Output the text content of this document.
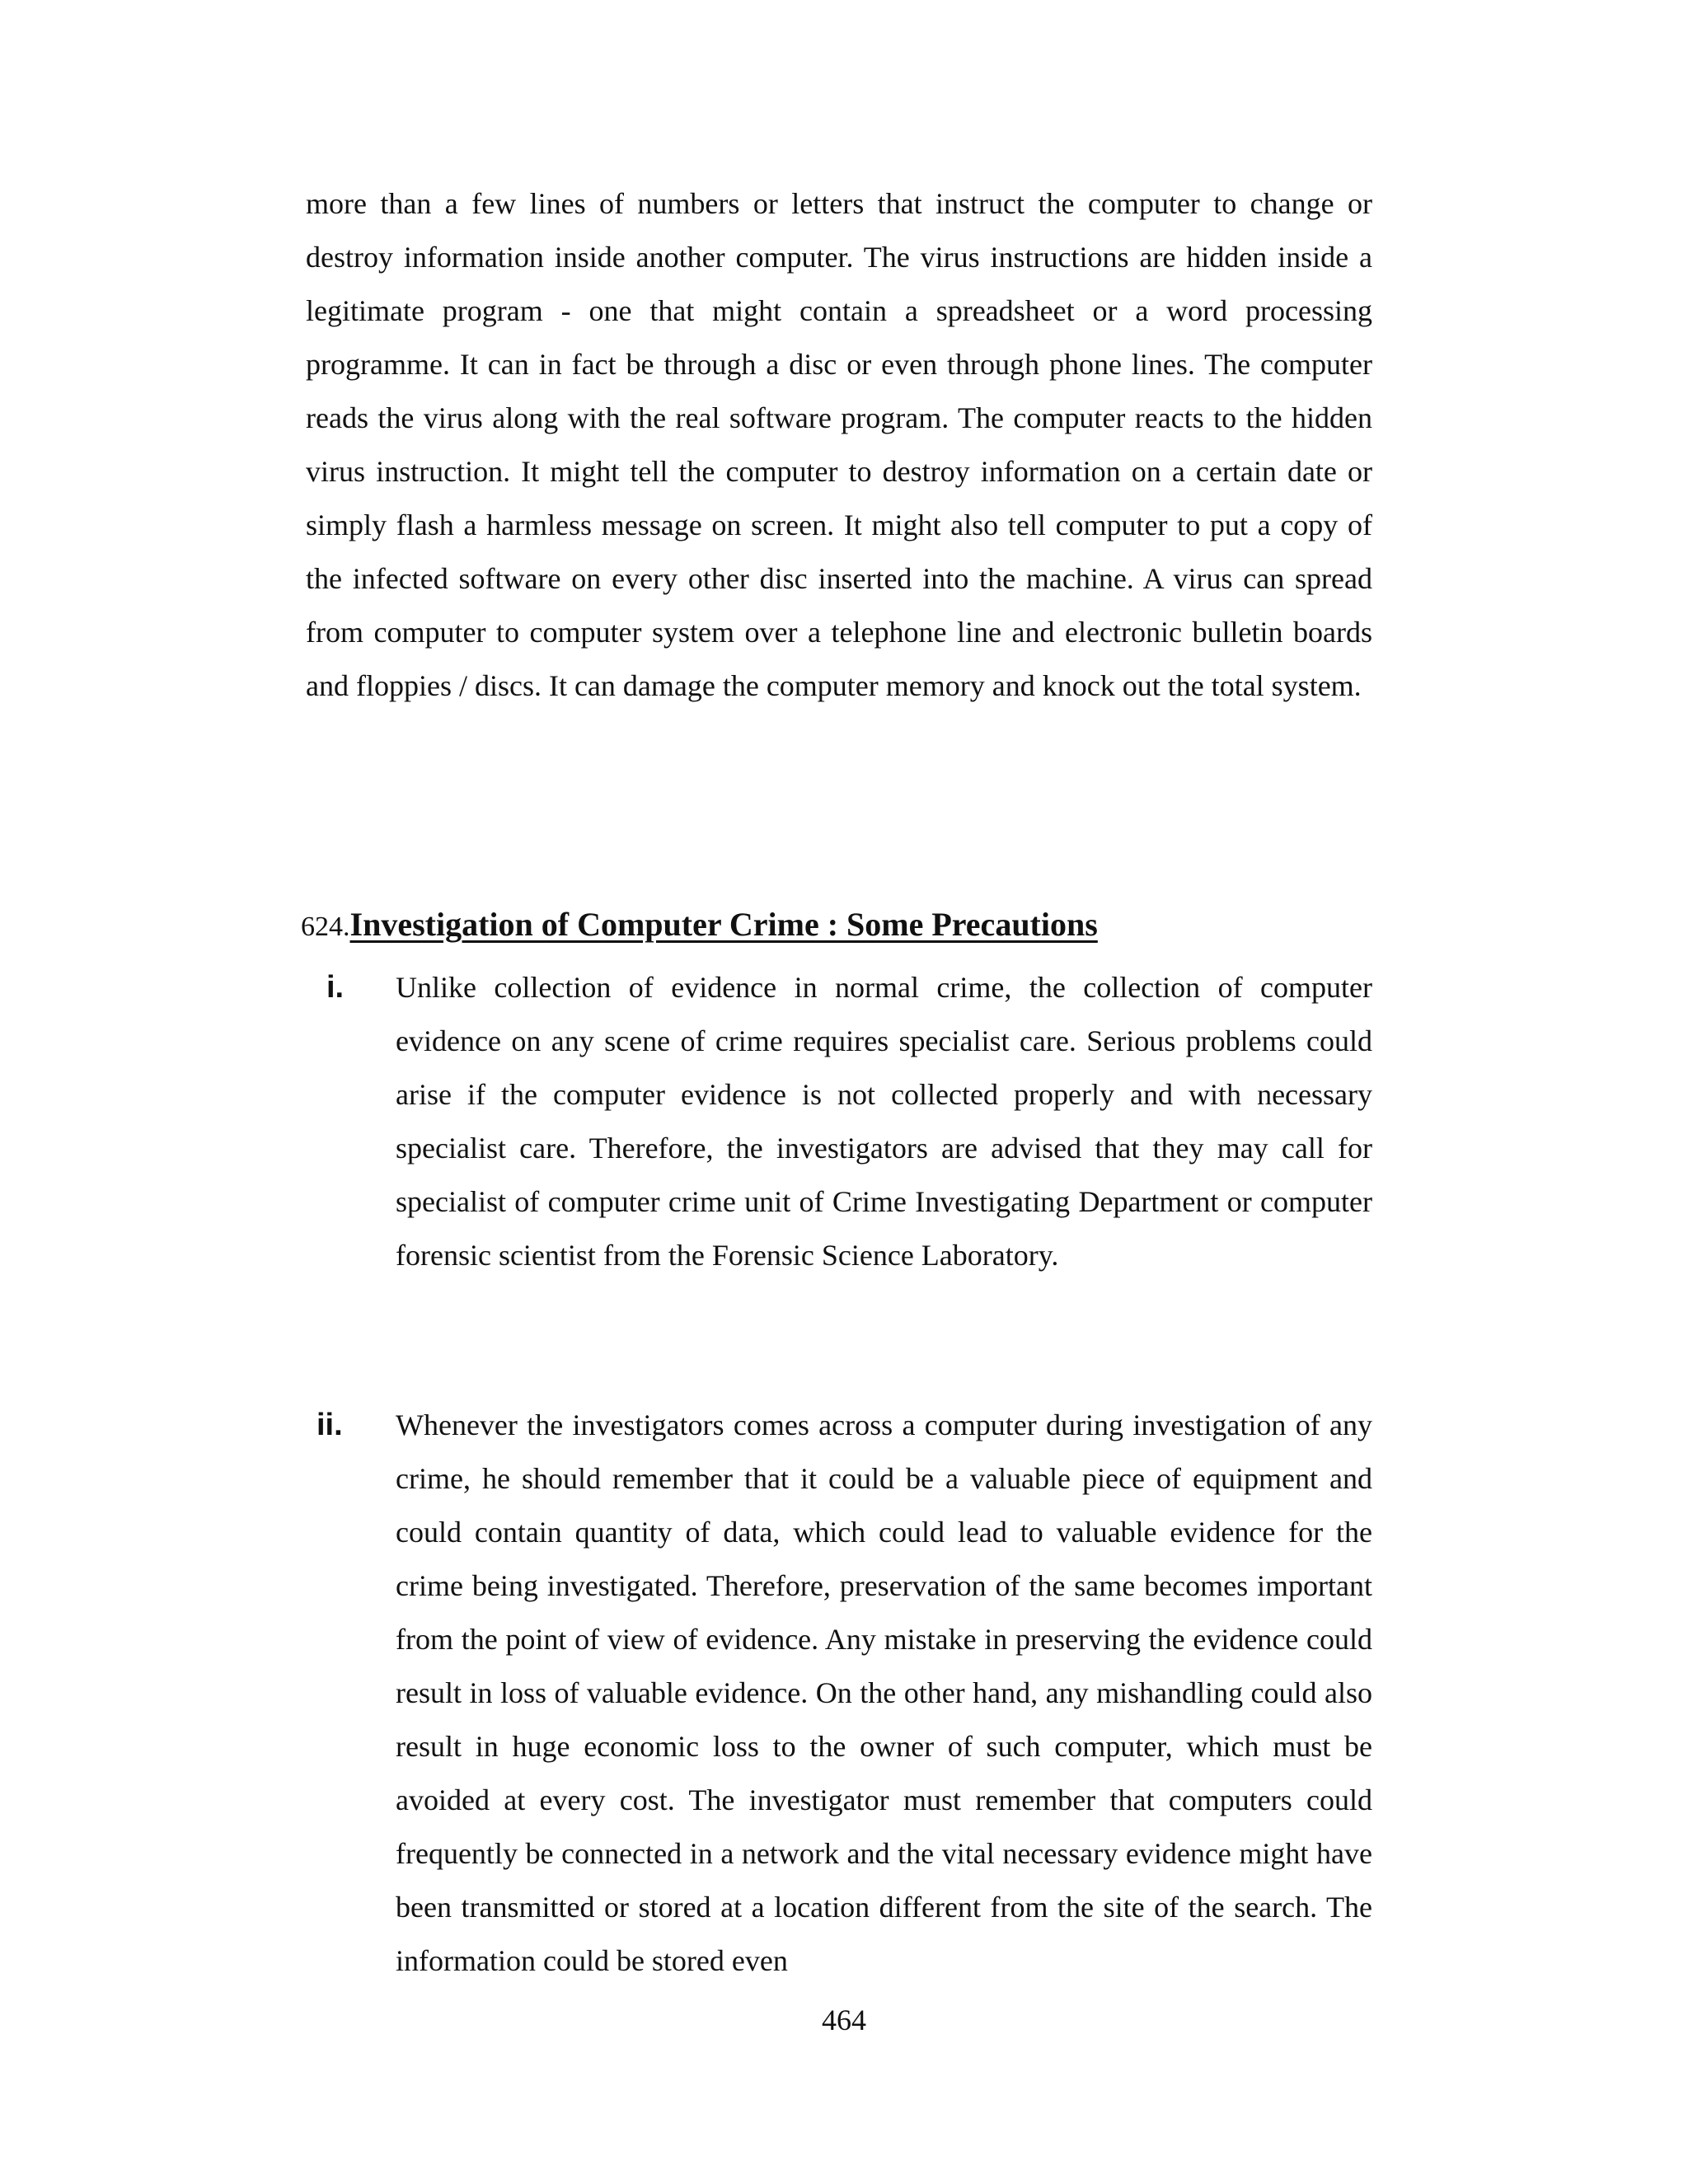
more than a few lines of numbers or letters that instruct the computer to change or destroy information inside another computer. The virus instructions are hidden inside a legitimate program - one that might contain a spreadsheet or a word processing programme. It can in fact be through a disc or even through phone lines. The computer reads the virus along with the real software program. The computer reacts to the hidden virus instruction. It might tell the computer to destroy information on a certain date or simply flash a harmless message on screen. It might also tell computer to put a copy of the infected software on every other disc inserted into the machine. A virus can spread from computer to computer system over a telephone line and electronic bulletin boards and floppies / discs. It can damage the computer memory and knock out the total system.

624.Investigation of Computer Crime : Some Precautions
i. Unlike collection of evidence in normal crime, the collection of computer evidence on any scene of crime requires specialist care. Serious problems could arise if the computer evidence is not collected properly and with necessary specialist care. Therefore, the investigators are advised that they may call for specialist of computer crime unit of Crime Investigating Department or computer forensic scientist from the Forensic Science Laboratory.

ii. Whenever the investigators comes across a computer during investigation of any crime, he should remember that it could be a valuable piece of equipment and could contain quantity of data, which could lead to valuable evidence for the crime being investigated. Therefore, preservation of the same becomes important from the point of view of evidence. Any mistake in preserving the evidence could result in loss of valuable evidence. On the other hand, any mishandling could also result in huge economic loss to the owner of such computer, which must be avoided at every cost. The investigator must remember that computers could frequently be connected in a network and the vital necessary evidence might have been transmitted or stored at a location different from the site of the search. The information could be stored even

464
